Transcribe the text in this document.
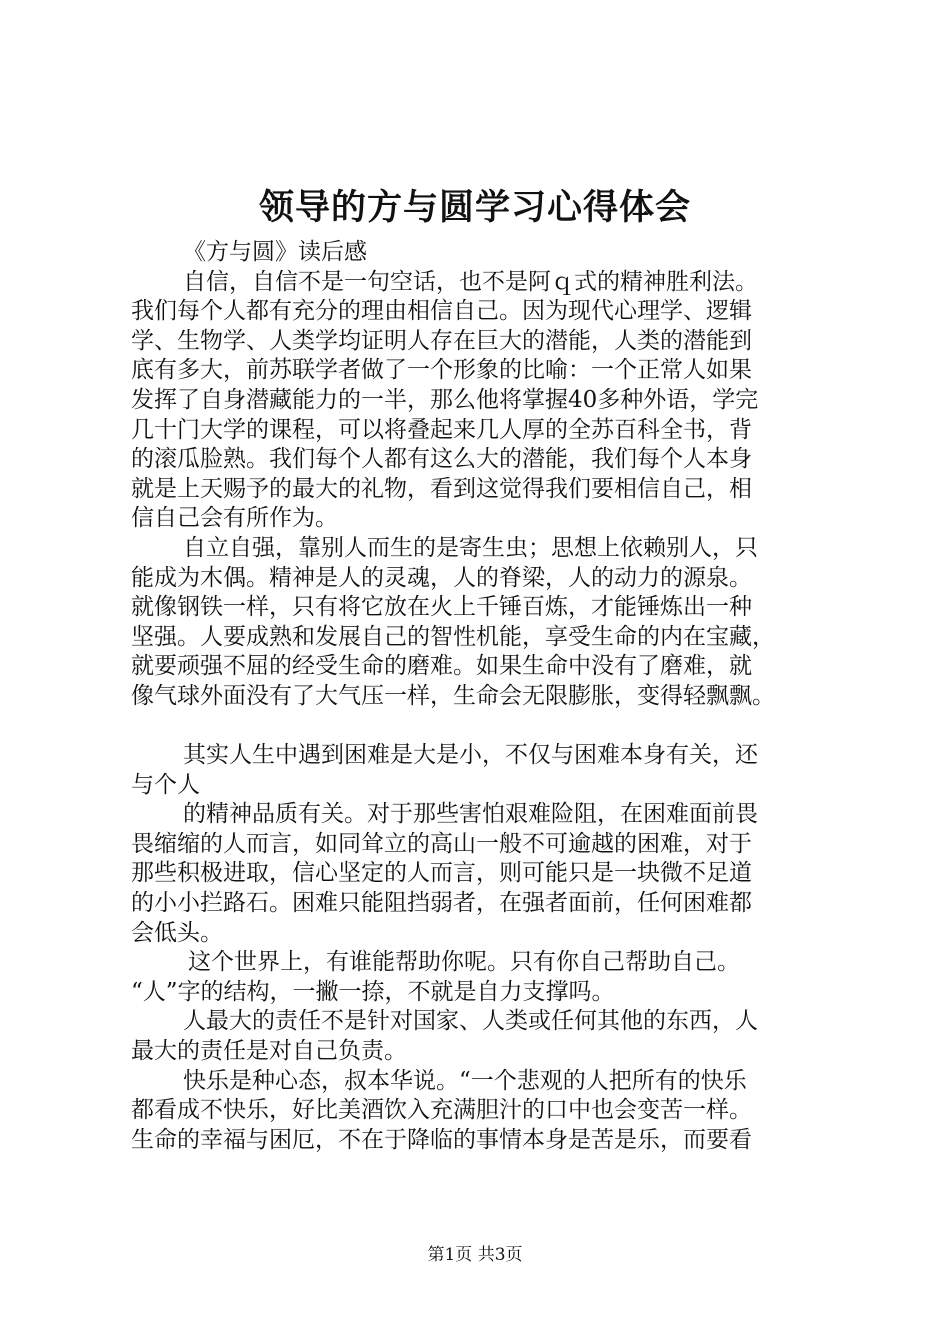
领导的方与圆学习心得体会
《方与圆》读后感
自信，自信不是一句空话，也不是阿ｑ式的精神胜利法。
我们每个人都有充分的理由相信自己。因为现代心理学、逻辑
学、生物学、人类学均证明人存在巨大的潜能，人类的潜能到
底有多大，前苏联学者做了一个形象的比喻：一个正常人如果
发挥了自身潜藏能力的一半，那么他将掌握40多种外语，学完
几十门大学的课程，可以将叠起来几人厚的全苏百科全书，背
的滚瓜脸熟。我们每个人都有这么大的潜能，我们每个人本身
就是上天赐予的最大的礼物，看到这觉得我们要相信自己，相
信自己会有所作为。
自立自强，靠别人而生的是寄生虫；思想上依赖别人，只
能成为木偶。精神是人的灵魂，人的脊梁，人的动力的源泉。
就像钢铁一样，只有将它放在火上千锤百炼，才能锤炼出一种
坚强。人要成熟和发展自己的智性机能，享受生命的内在宝藏，
就要顽强不屈的经受生命的磨难。如果生命中没有了磨难，就
像气球外面没有了大气压一样，生命会无限膨胀，变得轻飘飘。
其实人生中遇到困难是大是小，不仅与困难本身有关，还
与个人
的精神品质有关。对于那些害怕艰难险阻，在困难面前畏
畏缩缩的人而言，如同耸立的高山一般不可逾越的困难，对于
那些积极进取，信心坚定的人而言，则可能只是一块微不足道
的小小拦路石。困难只能阻挡弱者，在强者面前，任何困难都
会低头。
这个世界上，有谁能帮助你呢。只有你自己帮助自己。
“人”字的结构，一撇一捺，不就是自力支撑吗。
人最大的责任不是针对国家、人类或任何其他的东西，人
最大的责任是对自己负责。
快乐是种心态，叔本华说。“一个悲观的人把所有的快乐
都看成不快乐，好比美酒饮入充满胆汁的口中也会变苦一样。
生命的幸福与困厄，不在于降临的事情本身是苦是乐，而要看
第1页 共3页
